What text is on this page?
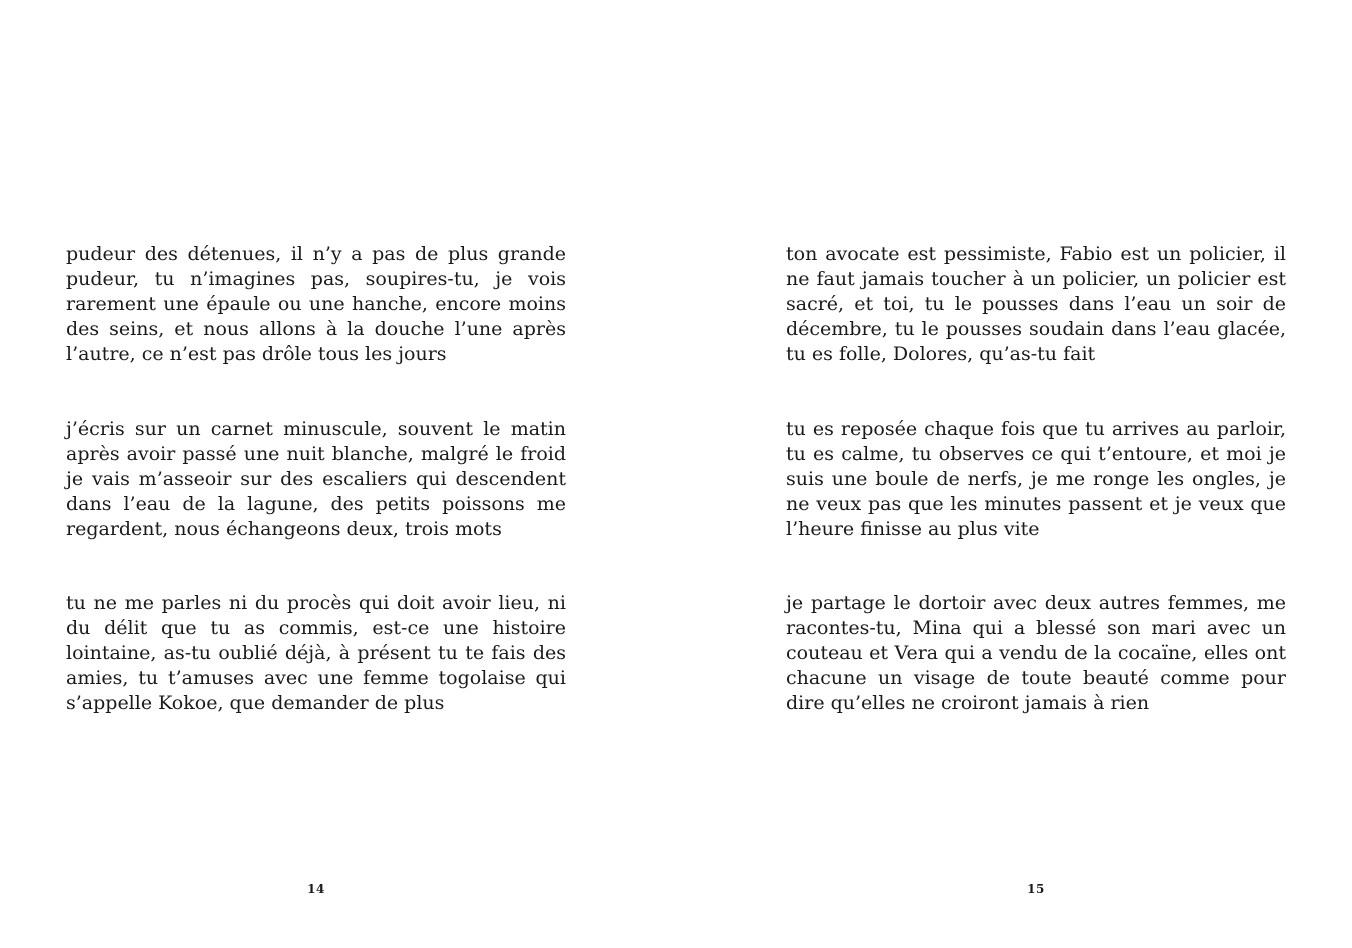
pudeur des détenues, il n’y a pas de plus grande pudeur, tu n’imagines pas, soupires-tu, je vois rarement une épaule ou une hanche, encore moins des seins, et nous allons à la douche l’une après l’autre, ce n’est pas drôle tous les jours

j’écris sur un carnet minuscule, souvent le matin après avoir passé une nuit blanche, malgré le froid je vais m’asseoir sur des escaliers qui descendent dans l’eau de la lagune, des petits poissons me regardent, nous échangeons deux, trois mots

tu ne me parles ni du procès qui doit avoir lieu, ni du délit que tu as commis, est-ce une histoire lointaine, as-tu oublié déjà, à présent tu te fais des amies, tu t’amuses avec une femme togolaise qui s’appelle Kokoe, que demander de plus

14

ton avocate est pessimiste, Fabio est un policier, il ne faut jamais toucher à un policier, un policier est sacré, et toi, tu le pousses dans l’eau un soir de décembre, tu le pousses soudain dans l’eau glacée, tu es folle, Dolores, qu’as-tu fait

tu es reposée chaque fois que tu arrives au parloir, tu es calme, tu observes ce qui t’entoure, et moi je suis une boule de nerfs, je me ronge les ongles, je ne veux pas que les minutes passent et je veux que l’heure finisse au plus vite

je partage le dortoir avec deux autres femmes, me racontes-tu, Mina qui a blessé son mari avec un couteau et Vera qui a vendu de la cocaïne, elles ont chacune un visage de toute beauté comme pour dire qu’elles ne croiront jamais à rien

15
